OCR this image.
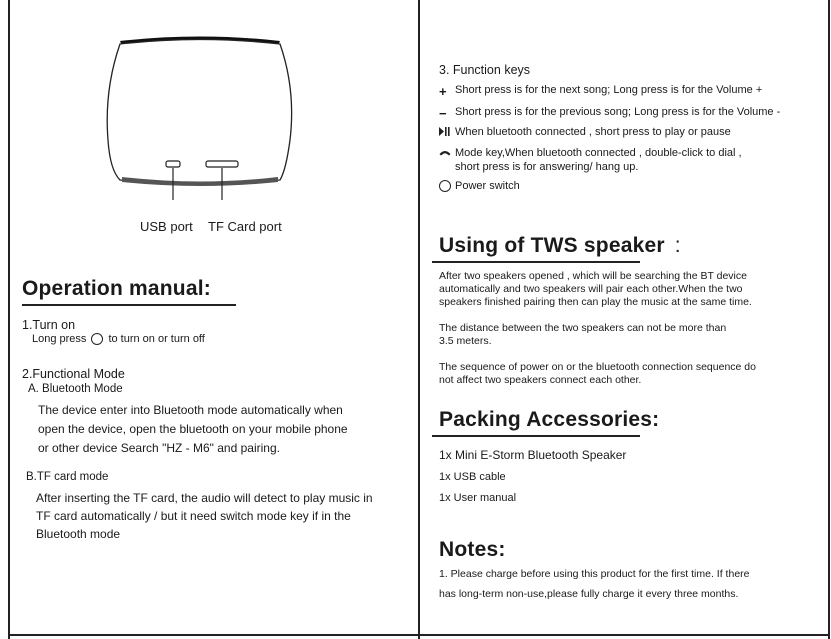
USB port TF Card port
Operation manual:
1.Turn on
Long press to turn on or turn off
2.Functional Mode
A. Bluetooth Mode
The device enter into Bluetooth mode automatically when
open the device, open the bluetooth on your mobile phone
or other device Search "HZ - M6" and pairing.
B.TF card mode
After inserting the TF card, the audio will detect to play music in
TF card automatically / but it need switch mode key if in the
Bluetooth mode
3. Function keys
+ Short press is for the next song; Long press is for the Volume +
− Short press is for the previous song; Long press is for the Volume -
When bluetooth connected , short press to play or pause
Mode key,When bluetooth connected , double-click to dial ,
short press is for answering/ hang up.
Power switch
Using of TWS speaker :
After two speakers opened , which will be searching the BT device
automatically and two speakers will pair each other.When the two
speakers finished pairing then can play the music at the same time.
The distance between the two speakers can not be more than
3.5 meters.
The sequence of power on or the bluetooth connection sequence do
not affect two speakers connect each other.
Packing Accessories:
1x Mini E-Storm Bluetooth Speaker
1x USB cable
1x User manual
Notes:
1. Please charge before using this product for the first time. If there
has long-term non-use,please fully charge it every three months.
